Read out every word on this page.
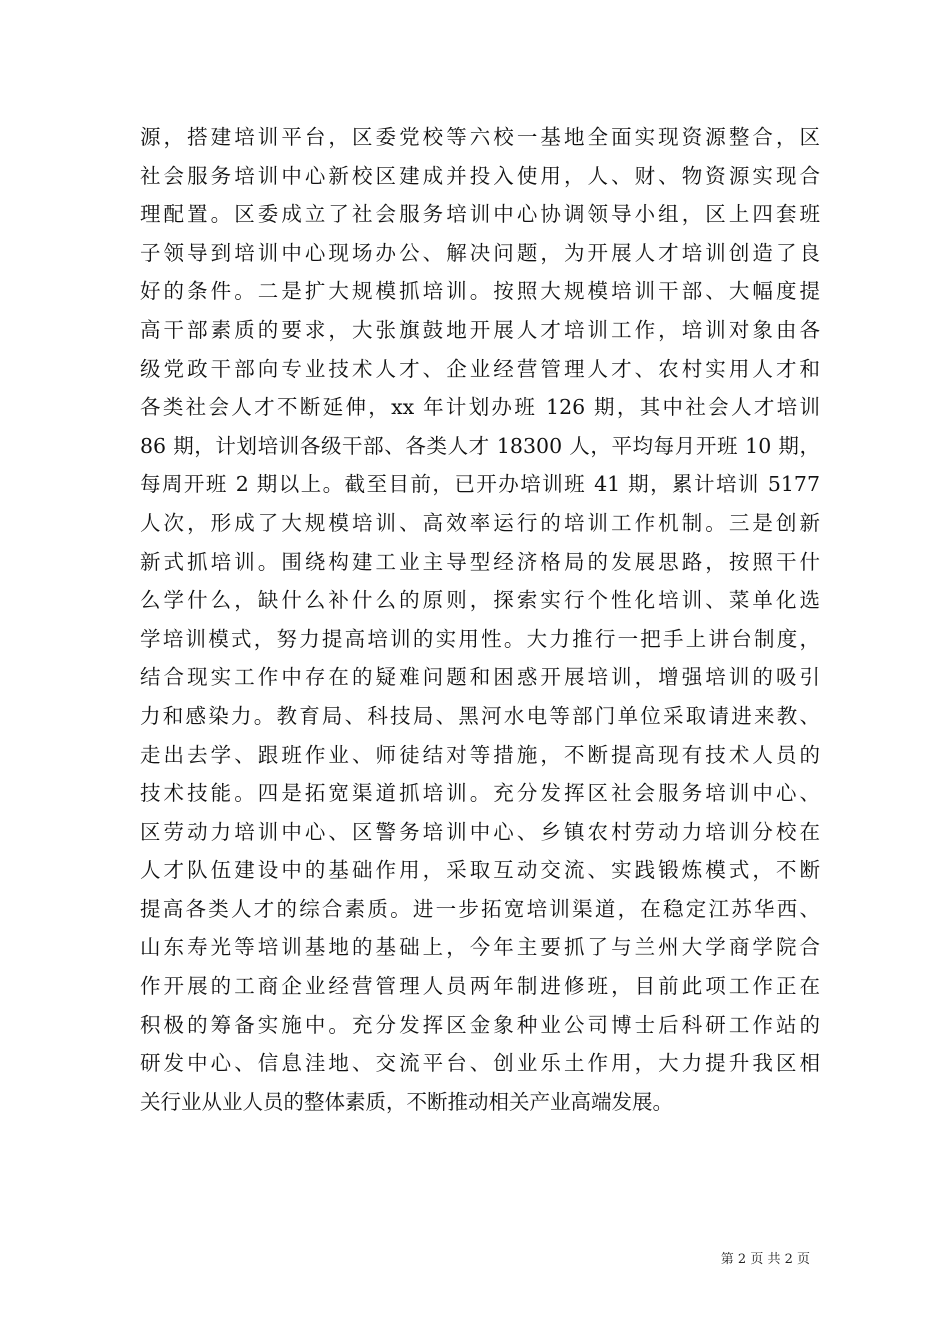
源，搭建培训平台，区委党校等六校一基地全面实现资源整合，区
社会服务培训中心新校区建成并投入使用，人、财、物资源实现合
理配置。区委成立了社会服务培训中心协调领导小组，区上四套班
子领导到培训中心现场办公、解决问题，为开展人才培训创造了良
好的条件。二是扩大规模抓培训。按照大规模培训干部、大幅度提
高干部素质的要求，大张旗鼓地开展人才培训工作，培训对象由各
级党政干部向专业技术人才、企业经营管理人才、农村实用人才和
各类社会人才不断延伸，xx 年计划办班 126 期，其中社会人才培训
86 期，计划培训各级干部、各类人才 18300 人，平均每月开班 10 期，
每周开班 2 期以上。截至目前，已开办培训班 41 期，累计培训 5177
人次，形成了大规模培训、高效率运行的培训工作机制。三是创新
新式抓培训。围绕构建工业主导型经济格局的发展思路，按照干什
么学什么，缺什么补什么的原则，探索实行个性化培训、菜单化选
学培训模式，努力提高培训的实用性。大力推行一把手上讲台制度，
结合现实工作中存在的疑难问题和困惑开展培训，增强培训的吸引
力和感染力。教育局、科技局、黑河水电等部门单位采取请进来教、
走出去学、跟班作业、师徒结对等措施，不断提高现有技术人员的
技术技能。四是拓宽渠道抓培训。充分发挥区社会服务培训中心、
区劳动力培训中心、区警务培训中心、乡镇农村劳动力培训分校在
人才队伍建设中的基础作用，采取互动交流、实践锻炼模式，不断
提高各类人才的综合素质。进一步拓宽培训渠道，在稳定江苏华西、
山东寿光等培训基地的基础上，今年主要抓了与兰州大学商学院合
作开展的工商企业经营管理人员两年制进修班，目前此项工作正在
积极的筹备实施中。充分发挥区金象种业公司博士后科研工作站的
研发中心、信息洼地、交流平台、创业乐土作用，大力提升我区相
关行业从业人员的整体素质，不断推动相关产业高端发展。
第 2 页 共 2 页
